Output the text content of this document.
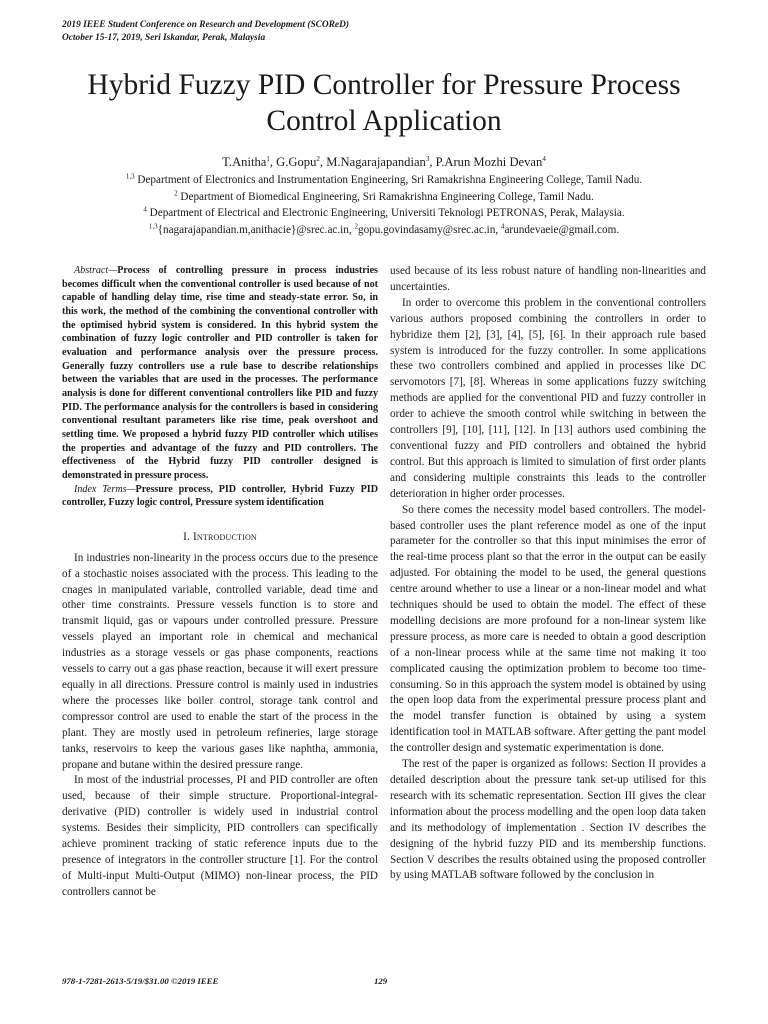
2019 IEEE Student Conference on Research and Development (SCOReD)
October 15-17, 2019, Seri Iskandar, Perak, Malaysia
Hybrid Fuzzy PID Controller for Pressure Process Control Application
T.Anitha$^1$, G.Gopu$^2$, M.Nagarajapandian$^3$, P.Arun Mozhi Devan$^4$
$^{1,3}$ Department of Electronics and Instrumentation Engineering, Sri Ramakrishna Engineering College, Tamil Nadu.
$^2$ Department of Biomedical Engineering, Sri Ramakrishna Engineering College, Tamil Nadu.
$^4$ Department of Electrical and Electronic Engineering, Universiti Teknologi PETRONAS, Perak, Malaysia.
$^{1,3}${nagarajapandian.m,anithacie}@srec.ac.in, $^2$gopu.govindasamy@srec.ac.in, $^4$arundevaeie@gmail.com.

Abstract—Process of controlling pressure in process industries becomes difficult when the conventional controller is used because of not capable of handling delay time, rise time and steady-state error. So, in this work, the method of the combining the conventional controller with the optimised hybrid system is considered. In this hybrid system the combination of fuzzy logic controller and PID controller is taken for evaluation and performance analysis over the pressure process. Generally fuzzy controllers use a rule base to describe relationships between the variables that are used in the processes. The performance analysis is done for different conventional controllers like PID and fuzzy PID. The performance analysis for the controllers is based in considering conventional resultant parameters like rise time, peak overshoot and settling time. We proposed a hybrid fuzzy PID controller which utilises the properties and advantage of the fuzzy and PID controllers. The effectiveness of the Hybrid fuzzy PID controller designed is demonstrated in pressure process.

Index Terms—Pressure process, PID controller, Hybrid Fuzzy PID controller, Fuzzy logic control, Pressure system identification

I. Introduction

In industries non-linearity in the process occurs due to the presence of a stochastic noises associated with the process. This leading to the cnages in manipulated variable, controlled variable, dead time and other time constraints. Pressure vessels function is to store and transmit liquid, gas or vapours under controlled pressure. Pressure vessels played an important role in chemical and mechanical industries as a storage vessels or gas phase components, reactions vessels to carry out a gas phase reaction, because it will exert pressure equally in all directions. Pressure control is mainly used in industries where the processes like boiler control, storage tank control and compressor control are used to enable the start of the process in the plant. They are mostly used in petroleum refineries, large storage tanks, reservoirs to keep the various gases like naphtha, ammonia, propane and butane within the desired pressure range.

In most of the industrial processes, PI and PID controller are often used, because of their simple structure. Proportional-integral-derivative (PID) controller is widely used in industrial control systems. Besides their simplicity, PID controllers can specifically achieve prominent tracking of static reference inputs due to the presence of integrators in the controller structure [1]. For the control of Multi-input Multi-Output (MIMO) non-linear process, the PID controllers cannot be

used because of its less robust nature of handling non-linearities and uncertainties.

In order to overcome this problem in the conventional controllers various authors proposed combining the controllers in order to hybridize them [2], [3], [4], [5], [6]. In their approach rule based system is introduced for the fuzzy controller. In some applications these two controllers combined and applied in processes like DC servomotors [7], [8]. Whereas in some applications fuzzy switching methods are applied for the conventional PID and fuzzy controller in order to achieve the smooth control while switching in between the controllers [9], [10], [11], [12]. In [13] authors used combining the conventional fuzzy and PID controllers and obtained the hybrid control. But this approach is limited to simulation of first order plants and considering multiple constraints this leads to the controller deterioration in higher order processes.

So there comes the necessity model based controllers. The model-based controller uses the plant reference model as one of the input parameter for the controller so that this input minimises the error of the real-time process plant so that the error in the output can be easily adjusted. For obtaining the model to be used, the general questions centre around whether to use a linear or a non-linear model and what techniques should be used to obtain the model. The effect of these modelling decisions are more profound for a non-linear system like pressure process, as more care is needed to obtain a good description of a non-linear process while at the same time not making it too complicated causing the optimization problem to become too time-consuming. So in this approach the system model is obtained by using the open loop data from the experimental pressure process plant and the model transfer function is obtained by using a system identification tool in MATLAB software. After getting the pant model the controller design and systematic experimentation is done.

The rest of the paper is organized as follows: Section II provides a detailed description about the pressure tank set-up utilised for this research with its schematic representation. Section III gives the clear information about the process modelling and the open loop data taken and its methodology of implementation . Section IV describes the designing of the hybrid fuzzy PID and its membership functions. Section V describes the results obtained using the proposed controller by using MATLAB software followed by the conclusion in

978-1-7281-2613-5/19/$31.00 ©2019 IEEE	129
